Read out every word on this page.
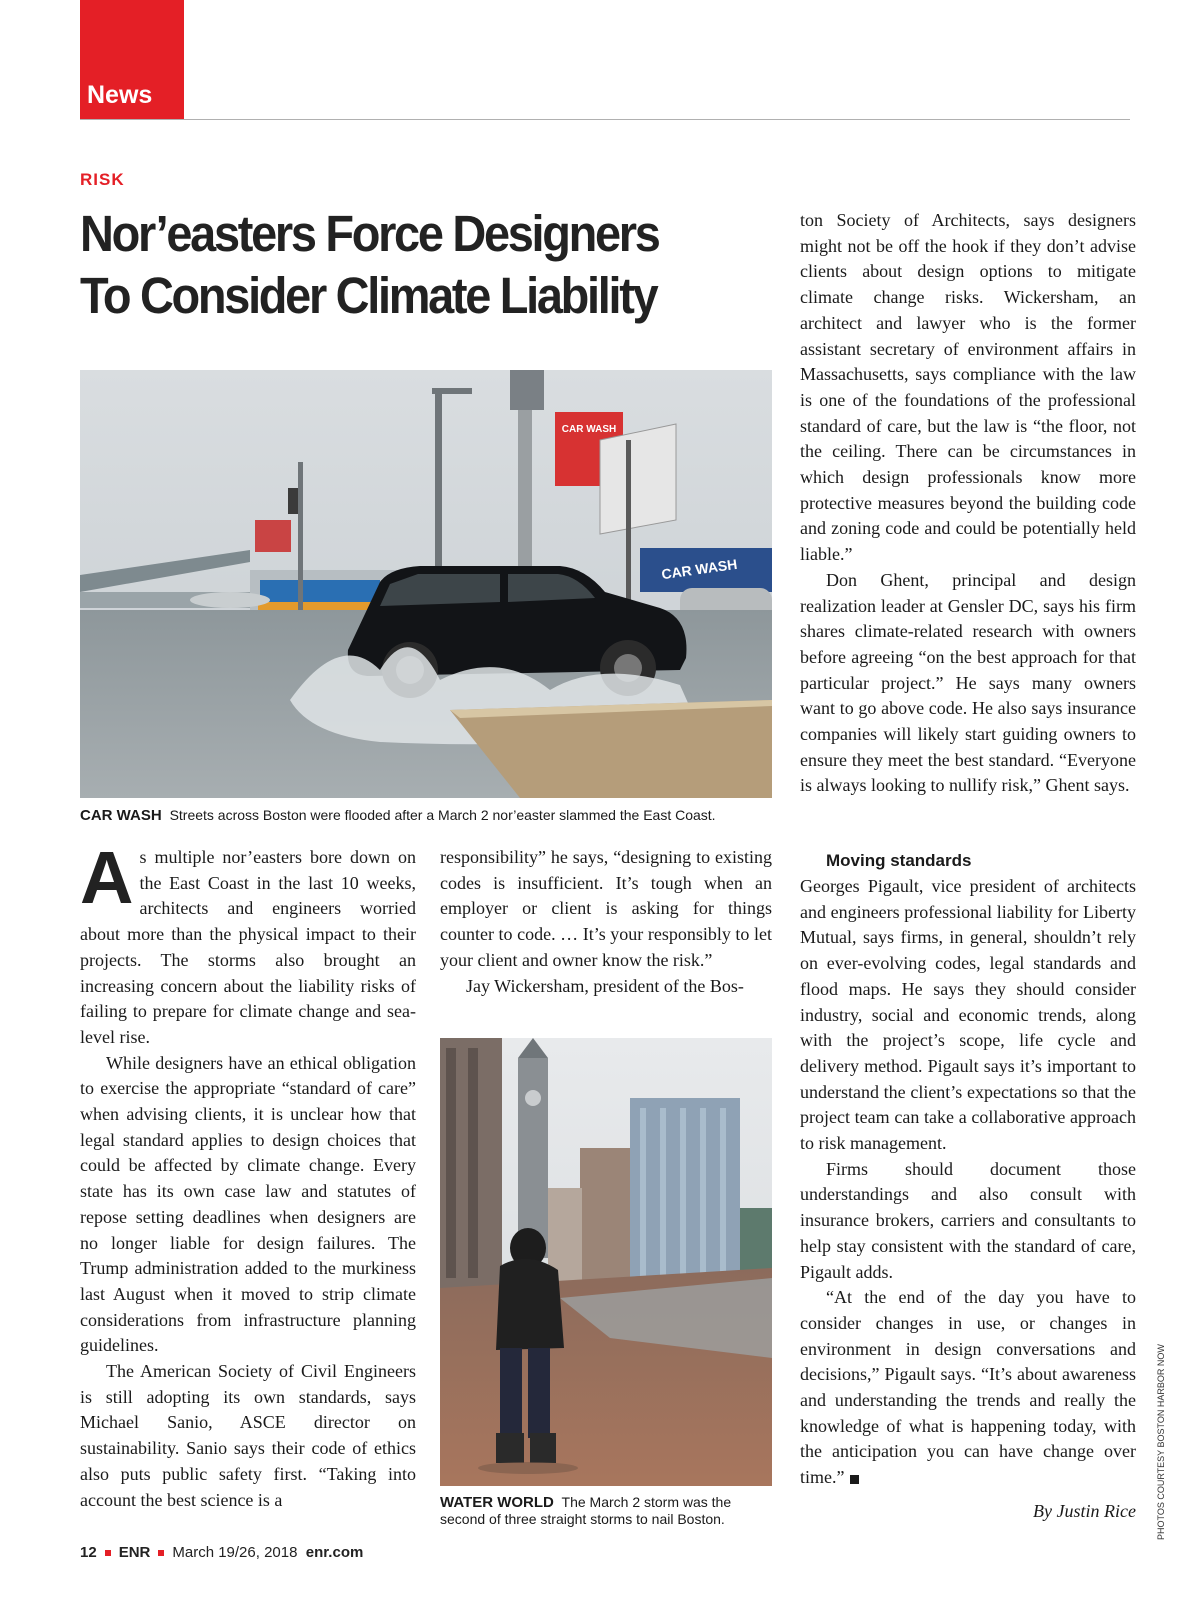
News
RISK
Nor’easters Force Designers
To Consider Climate Liability
CAR WASH
CAR WASH
CAR WASH Streets across Boston were flooded after a March 2 nor’easter slammed the East Coast.

As multiple nor’easters bore down on the East Coast in the last 10 weeks, architects and engineers worried about more than the physical impact to their projects. The storms also brought an increasing concern about the liability risks of failing to prepare for climate change and sea-level rise.

While designers have an ethical obligation to exercise the appropriate “standard of care” when advising clients, it is unclear how that legal standard applies to design choices that could be affected by climate change. Every state has its own case law and statutes of repose setting deadlines when designers are no longer liable for design failures. The Trump administration added to the murkiness last August when it moved to strip climate considerations from infrastructure planning guidelines.

The American Society of Civil Engineers is still adopting its own standards, says Michael Sanio, ASCE director on sustainability. Sanio says their code of ethics also puts public safety first. “Taking into account the best science is a

responsibility” he says, “designing to existing codes is insufficient. It’s tough when an employer or client is asking for things counter to code. … It’s your responsibly to let your client and owner know the risk.”

Jay Wickersham, president of the Bos-

WATER WORLD The March 2 storm was the second of three straight storms to nail Boston.

ton Society of Architects, says designers might not be off the hook if they don’t advise clients about design options to mitigate climate change risks. Wickersham, an architect and lawyer who is the former assistant secretary of environment affairs in Massachusetts, says compliance with the law is one of the foundations of the professional standard of care, but the law is “the floor, not the ceiling. There can be circumstances in which design professionals know more protective measures beyond the building code and zoning code and could be potentially held liable.”

Don Ghent, principal and design realization leader at Gensler DC, says his firm shares climate-related research with owners before agreeing “on the best approach for that particular project.” He says many owners want to go above code. He also says insurance companies will likely start guiding owners to ensure they meet the best standard. “Everyone is always looking to nullify risk,” Ghent says.

Moving standards

Georges Pigault, vice president of architects and engineers professional liability for Liberty Mutual, says firms, in general, shouldn’t rely on ever-evolving codes, legal standards and flood maps. He says they should consider industry, social and economic trends, along with the project’s scope, life cycle and delivery method. Pigault says it’s important to understand the client’s expectations so that the project team can take a collaborative approach to risk management.

Firms should document those understandings and also consult with insurance brokers, carriers and consultants to help stay consistent with the standard of care, Pigault adds.

“At the end of the day you have to consider changes in use, or changes in environment in design conversations and decisions,” Pigault says. “It’s about awareness and understanding the trends and really the knowledge of what is happening today, with the anticipation you can have change over time.”

By Justin Rice PHOTOS COURTESY BOSTON HARBOR NOW
12 ENR March 19/26, 2018 enr.com
